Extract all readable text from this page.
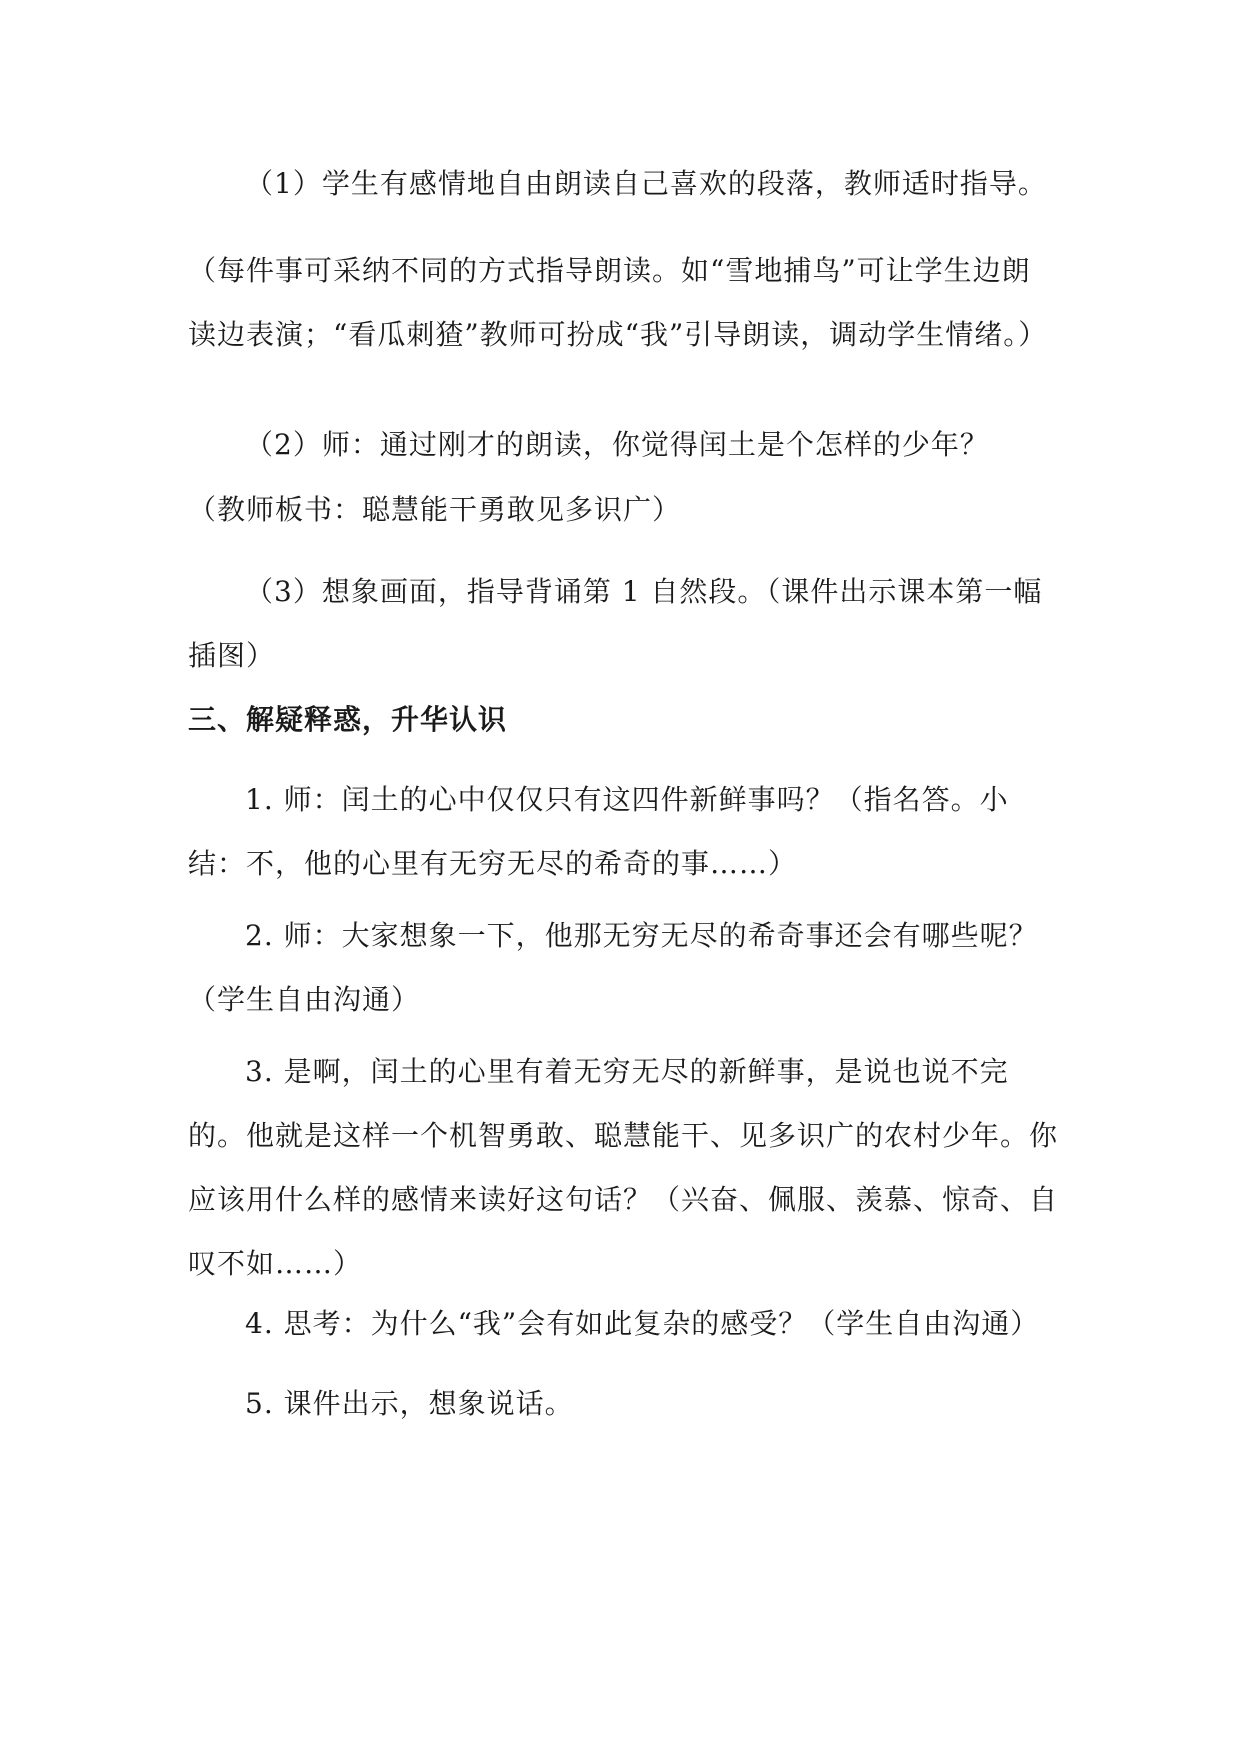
（1）学生有感情地自由朗读自己喜欢的段落，教师适时指导。

（每件事可采纳不同的方式指导朗读。如“雪地捕鸟”可让学生边朗读边表演；“看瓜刺猹”教师可扮成“我”引导朗读，调动学生情绪。）

（2）师：通过刚才的朗读，你觉得闰土是个怎样的少年？

（教师板书：聪慧能干勇敢见多识广）

（3）想象画面，指导背诵第 1 自然段。（课件出示课本第一幅插图）

三、解疑释惑，升华认识

1. 师：闰土的心中仅仅只有这四件新鲜事吗？（指名答。小结：不，他的心里有无穷无尽的希奇的事……）

2. 师：大家想象一下，他那无穷无尽的希奇事还会有哪些呢？（学生自由沟通）

3. 是啊，闰土的心里有着无穷无尽的新鲜事，是说也说不完的。他就是这样一个机智勇敢、聪慧能干、见多识广的农村少年。你应该用什么样的感情来读好这句话？（兴奋、佩服、羡慕、惊奇、自叹不如……）

4. 思考：为什么“我”会有如此复杂的感受？（学生自由沟通）

5. 课件出示，想象说话。
